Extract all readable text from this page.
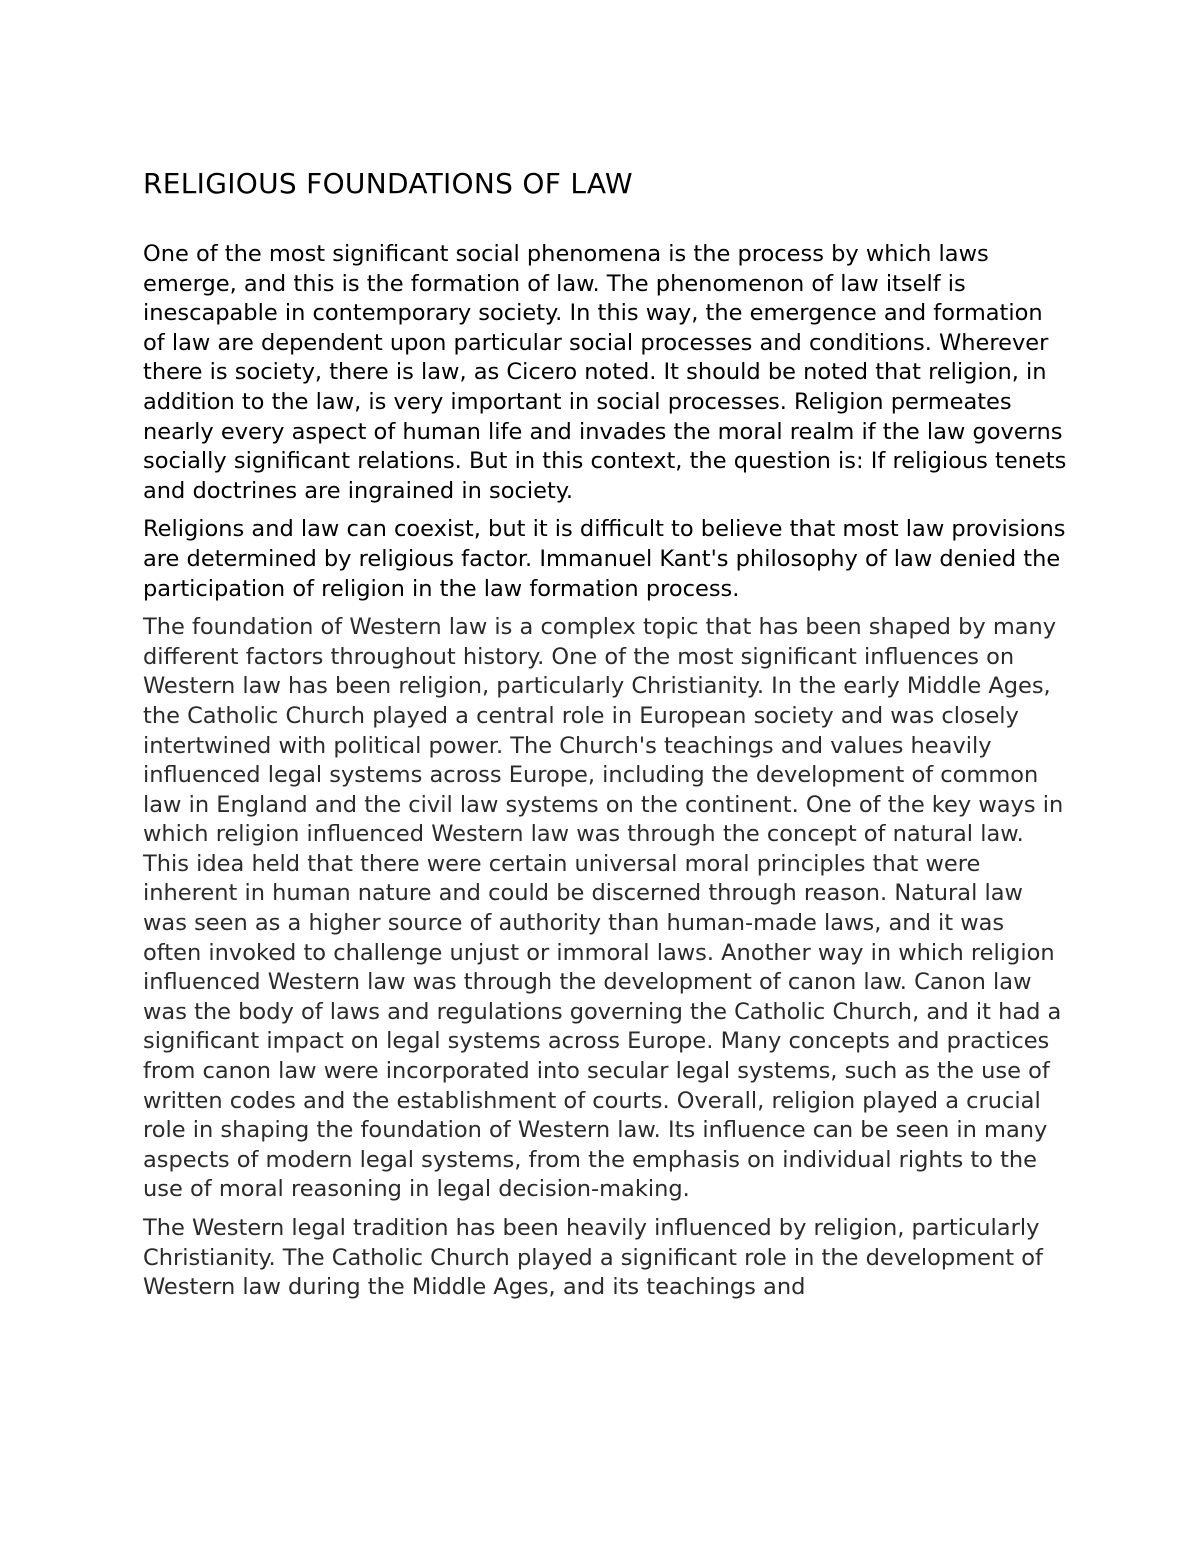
RELIGIOUS FOUNDATIONS OF LAW

One of the most significant social phenomena is the process by which laws emerge, and this is the formation of law. The phenomenon of law itself is inescapable in contemporary society. In this way, the emergence and formation of law are dependent upon particular social processes and conditions. Wherever there is society, there is law, as Cicero noted. It should be noted that religion, in addition to the law, is very important in social processes. Religion permeates nearly every aspect of human life and invades the moral realm if the law governs socially significant relations. But in this context, the question is: If religious tenets and doctrines are ingrained in society.

Religions and law can coexist, but it is difficult to believe that most law provisions are determined by religious factor. Immanuel Kant's philosophy of law denied the participation of religion in the law formation process.

The foundation of Western law is a complex topic that has been shaped by many different factors throughout history. One of the most significant influences on Western law has been religion, particularly Christianity. In the early Middle Ages, the Catholic Church played a central role in European society and was closely intertwined with political power. The Church's teachings and values heavily influenced legal systems across Europe, including the development of common law in England and the civil law systems on the continent. One of the key ways in which religion influenced Western law was through the concept of natural law. This idea held that there were certain universal moral principles that were inherent in human nature and could be discerned through reason. Natural law was seen as a higher source of authority than human-made laws, and it was often invoked to challenge unjust or immoral laws. Another way in which religion influenced Western law was through the development of canon law. Canon law was the body of laws and regulations governing the Catholic Church, and it had a significant impact on legal systems across Europe. Many concepts and practices from canon law were incorporated into secular legal systems, such as the use of written codes and the establishment of courts. Overall, religion played a crucial role in shaping the foundation of Western law. Its influence can be seen in many aspects of modern legal systems, from the emphasis on individual rights to the use of moral reasoning in legal decision-making.

The Western legal tradition has been heavily influenced by religion, particularly Christianity. The Catholic Church played a significant role in the development of Western law during the Middle Ages, and its teachings and
